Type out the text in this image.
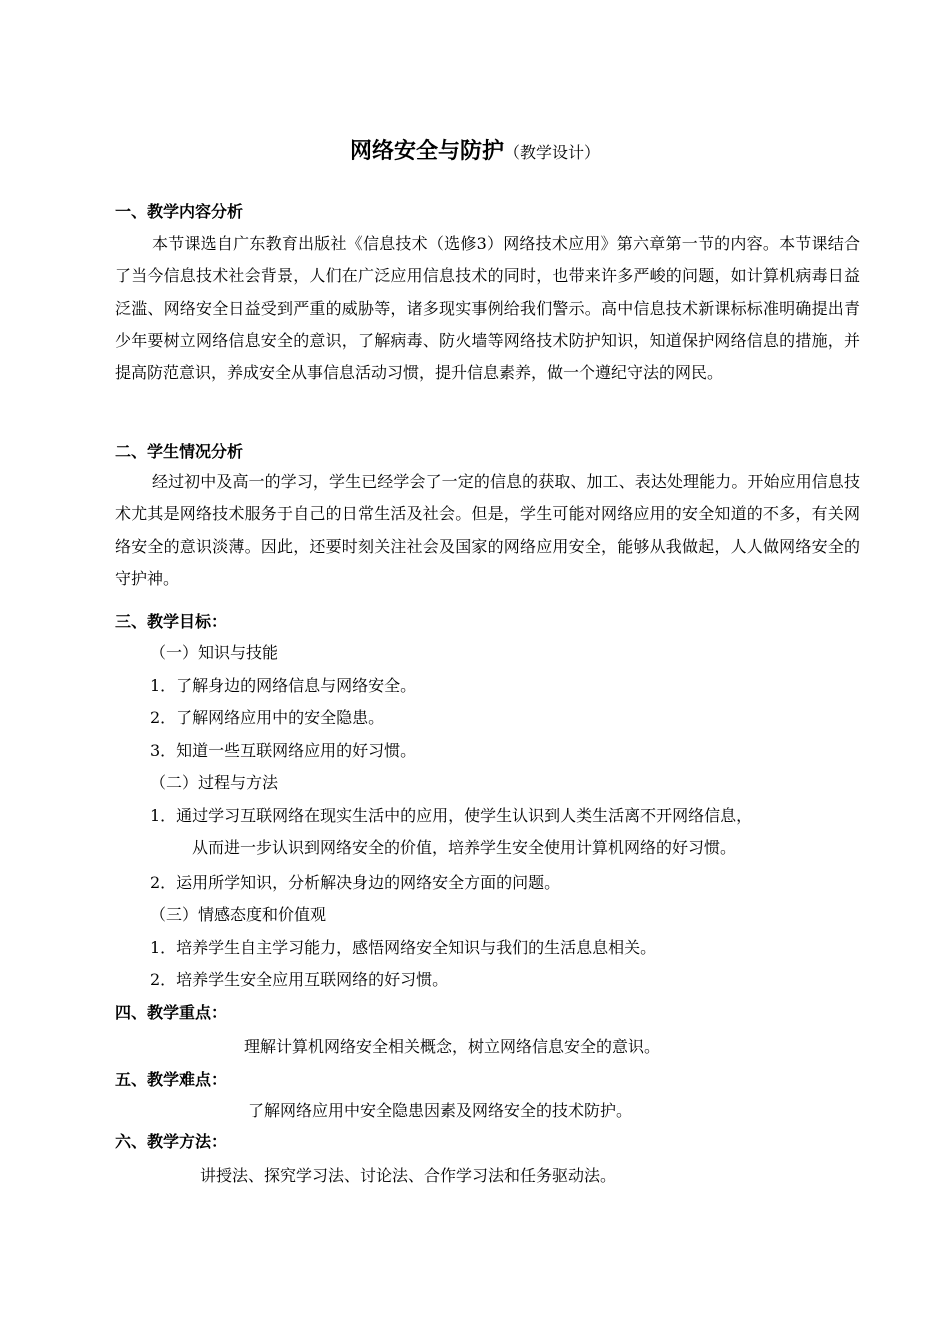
网络安全与防护（教学设计）
一、教学内容分析
本节课选自广东教育出版社《信息技术（选修3）网络技术应用》第六章第一节的内容。本节课结合了当今信息技术社会背景，人们在广泛应用信息技术的同时，也带来许多严峻的问题，如计算机病毒日益泛滥、网络安全日益受到严重的威胁等，诸多现实事例给我们警示。高中信息技术新课标标准明确提出青少年要树立网络信息安全的意识，了解病毒、防火墙等网络技术防护知识，知道保护网络信息的措施，并提高防范意识，养成安全从事信息活动习惯，提升信息素养，做一个遵纪守法的网民。
二、学生情况分析
经过初中及高一的学习，学生已经学会了一定的信息的获取、加工、表达处理能力。开始应用信息技术尤其是网络技术服务于自己的日常生活及社会。但是，学生可能对网络应用的安全知道的不多，有关网络安全的意识淡薄。因此，还要时刻关注社会及国家的网络应用安全，能够从我做起，人人做网络安全的守护神。
三、教学目标：
（一）知识与技能
1．了解身边的网络信息与网络安全。
2．了解网络应用中的安全隐患。
3．知道一些互联网络应用的好习惯。
（二）过程与方法
1．通过学习互联网络在现实生活中的应用，使学生认识到人类生活离不开网络信息，
从而进一步认识到网络安全的价值，培养学生安全使用计算机网络的好习惯。
2．运用所学知识，分析解决身边的网络安全方面的问题。
（三）情感态度和价值观
1．培养学生自主学习能力，感悟网络安全知识与我们的生活息息相关。
2．培养学生安全应用互联网络的好习惯。
四、教学重点：
理解计算机网络安全相关概念，树立网络信息安全的意识。
五、教学难点：
了解网络应用中安全隐患因素及网络安全的技术防护。
六、教学方法：
讲授法、探究学习法、讨论法、合作学习法和任务驱动法。
